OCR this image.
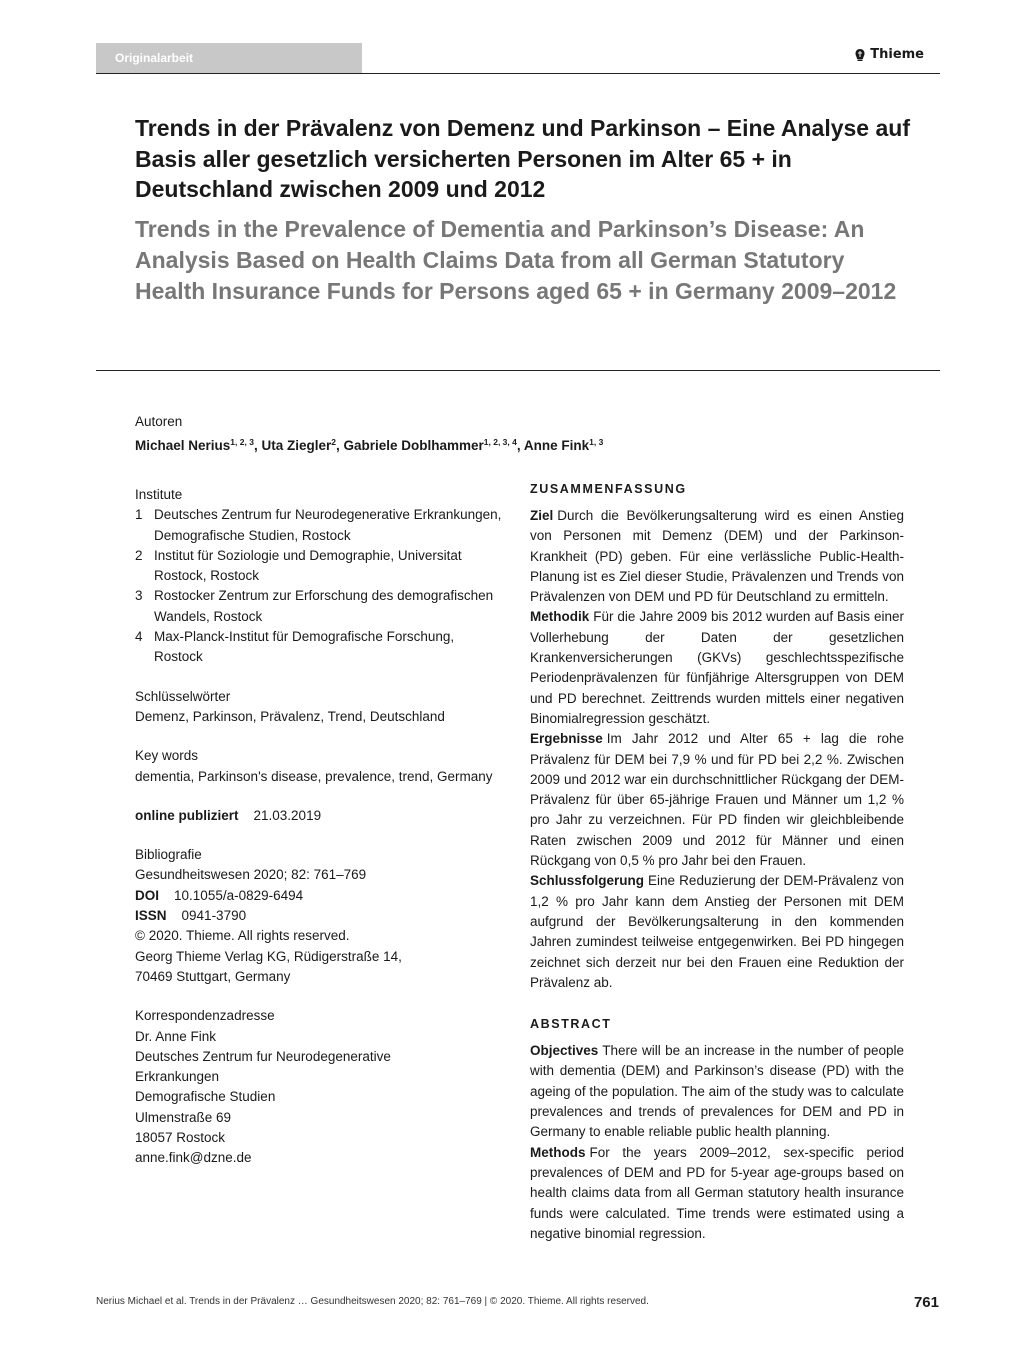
Originalarbeit	Thieme
Trends in der Prävalenz von Demenz und Parkinson – Eine Analyse auf Basis aller gesetzlich versicherten Personen im Alter 65 + in Deutschland zwischen 2009 und 2012
Trends in the Prevalence of Dementia and Parkinson’s Disease: An Analysis Based on Health Claims Data from all German Statutory Health Insurance Funds for Persons aged 65 + in Germany 2009–2012
Autoren
Michael Nerius$^{1, 2, 3}$, Uta Ziegler$^2$, Gabriele Doblhammer$^{1, 2, 3, 4}$, Anne Fink$^{1, 3}$
Institute
1 Deutsches Zentrum fur Neurodegenerative Erkrankungen, Demografische Studien, Rostock
2 Institut für Soziologie und Demographie, Universitat Rostock, Rostock
3 Rostocker Zentrum zur Erforschung des demografischen Wandels, Rostock
4 Max-Planck-Institut für Demografische Forschung, Rostock
Schlüsselwörter
Demenz, Parkinson, Prävalenz, Trend, Deutschland
Key words
dementia, Parkinson's disease, prevalence, trend, Germany
online publiziert 21.03.2019
Bibliografie
Gesundheitswesen 2020; 82: 761–769
DOI 10.1055/a-0829-6494
ISSN 0941-3790
© 2020. Thieme. All rights reserved.
Georg Thieme Verlag KG, Rüdigerstraße 14,
70469 Stuttgart, Germany
Korrespondenzadresse
Dr. Anne Fink
Deutsches Zentrum fur Neurodegenerative
Erkrankungen
Demografische Studien
Ulmenstraße 69
18057 Rostock
anne.fink@dzne.de
ZUSAMMENFASSUNG
Ziel Durch die Bevölkerungsalterung wird es einen Anstieg von Personen mit Demenz (DEM) und der Parkinson-Krankheit (PD) geben. Für eine verlässliche Public-Health-Planung ist es Ziel dieser Studie, Prävalenzen und Trends von Prävalenzen von DEM und PD für Deutschland zu ermitteln.
Methodik Für die Jahre 2009 bis 2012 wurden auf Basis einer Vollerhebung der Daten der gesetzlichen Krankenversicherungen (GKVs) geschlechtsspezifische Periodenprävalenzen für fünfjährige Altersgruppen von DEM und PD berechnet. Zeittrends wurden mittels einer negativen Binomialregression geschätzt.
Ergebnisse Im Jahr 2012 und Alter 65 + lag die rohe Prävalenz für DEM bei 7,9 % und für PD bei 2,2 %. Zwischen 2009 und 2012 war ein durchschnittlicher Rückgang der DEM-Prävalenz für über 65-jährige Frauen und Männer um 1,2 % pro Jahr zu verzeichnen. Für PD finden wir gleichbleibende Raten zwischen 2009 und 2012 für Männer und einen Rückgang von 0,5 % pro Jahr bei den Frauen.
Schlussfolgerung Eine Reduzierung der DEM-Prävalenz von 1,2 % pro Jahr kann dem Anstieg der Personen mit DEM aufgrund der Bevölkerungsalterung in den kommenden Jahren zumindest teilweise entgegenwirken. Bei PD hingegen zeichnet sich derzeit nur bei den Frauen eine Reduktion der Prävalenz ab.
ABSTRACT
Objectives There will be an increase in the number of people with dementia (DEM) and Parkinson’s disease (PD) with the ageing of the population. The aim of the study was to calculate prevalences and trends of prevalences for DEM and PD in Germany to enable reliable public health planning.
Methods For the years 2009–2012, sex-specific period prevalences of DEM and PD for 5-year age-groups based on health claims data from all German statutory health insurance funds were calculated. Time trends were estimated using a negative binomial regression.
Nerius Michael et al. Trends in der Prävalenz … Gesundheitswesen 2020; 82: 761–769 | © 2020. Thieme. All rights reserved.	761
